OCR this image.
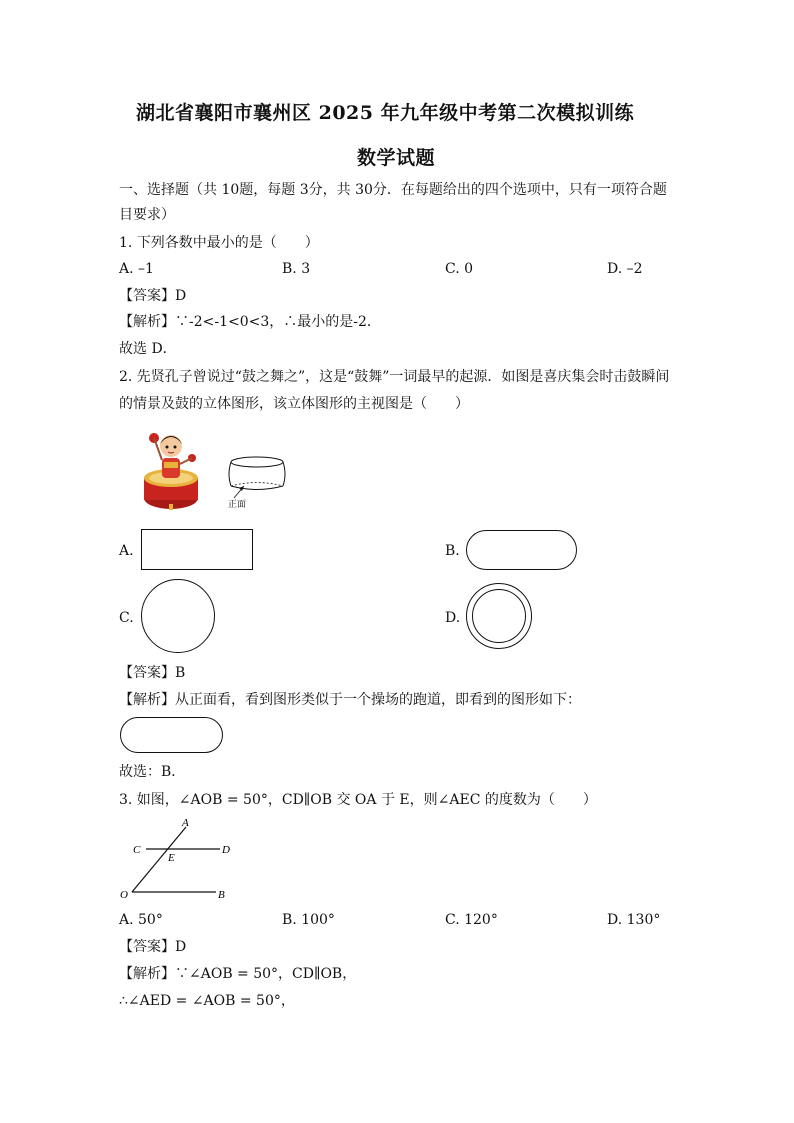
湖北省襄阳市襄州区 2025 年九年级中考第二次模拟训练
数学试题
一、选择题（共 10题，每题 3分，共 30分．在每题给出的四个选项中，只有一项符合题
目要求）
1. 下列各数中最小的是（　　）
A. –1	B. 3	C. 0	D. –2
【答案】D
【解析】∵-2<-1<0<3，∴最小的是-2．
故选 D．
2. 先贤孔子曾说过“鼓之舞之”，这是“鼓舞”一词最早的起源．如图是喜庆集会时击鼓瞬间
的情景及鼓的立体图形，该立体图形的主视图是（　　）
正面
A.	B.
C.	D.
【答案】B
【解析】从正面看，看到图形类似于一个操场的跑道，即看到的图形如下：
故选：B．
3. 如图，∠AOB = 50°，CD∥OB 交 OA 于 E，则∠AEC 的度数为（　　）
A
C
E
D
O	B
A. 50°	B. 100°	C. 120°	D. 130°
【答案】D
【解析】∵∠AOB = 50°，CD∥OB，
∴∠AED = ∠AOB = 50°，
